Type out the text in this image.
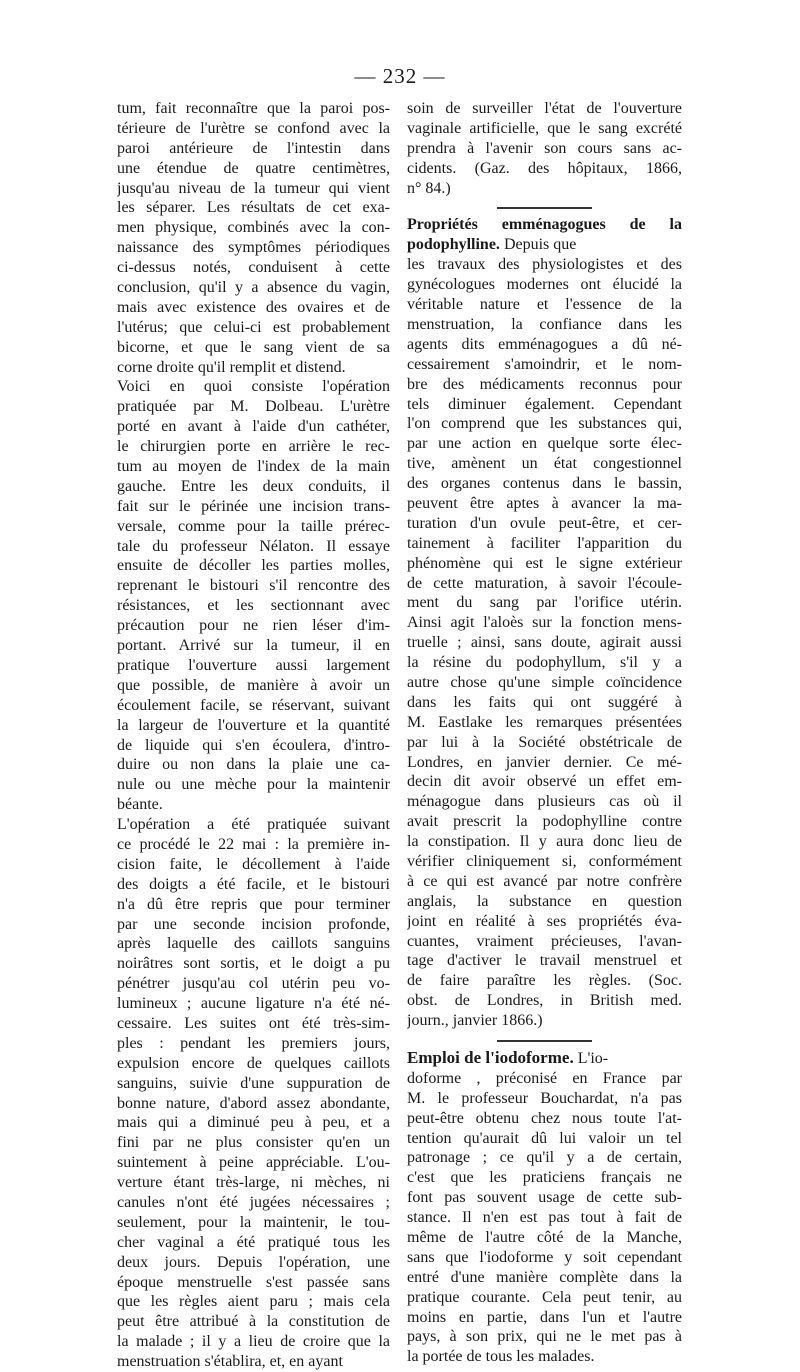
— 232 —
tum, fait reconnaître que la paroi pos-
térieure de l'urètre se confond avec la
paroi antérieure de l'intestin dans
une étendue de quatre centimètres,
jusqu'au niveau de la tumeur qui vient
les séparer. Les résultats de cet exa-
men physique, combinés avec la con-
naissance des symptômes périodiques
ci-dessus notés, conduisent à cette
conclusion, qu'il y a absence du vagin,
mais avec existence des ovaires et de
l'utérus; que celui-ci est probablement
bicorne, et que le sang vient de sa
corne droite qu'il remplit et distend.
Voici en quoi consiste l'opération
pratiquée par M. Dolbeau. L'urètre
porté en avant à l'aide d'un cathéter,
le chirurgien porte en arrière le rec-
tum au moyen de l'index de la main
gauche. Entre les deux conduits, il
fait sur le périnée une incision trans-
versale, comme pour la taille prérec-
tale du professeur Nélaton. Il essaye
ensuite de décoller les parties molles,
reprenant le bistouri s'il rencontre des
résistances, et les sectionnant avec
précaution pour ne rien léser d'im-
portant. Arrivé sur la tumeur, il en
pratique l'ouverture aussi largement
que possible, de manière à avoir un
écoulement facile, se réservant, suivant
la largeur de l'ouverture et la quantité
de liquide qui s'en écoulera, d'intro-
duire ou non dans la plaie une ca-
nule ou une mèche pour la maintenir
béante.
L'opération a été pratiquée suivant
ce procédé le 22 mai : la première in-
cision faite, le décollement à l'aide
des doigts a été facile, et le bistouri
n'a dû être repris que pour terminer
par une seconde incision profonde,
après laquelle des caillots sanguins
noirâtres sont sortis, et le doigt a pu
pénétrer jusqu'au col utérin peu vo-
lumineux ; aucune ligature n'a été né-
cessaire. Les suites ont été très-sim-
ples : pendant les premiers jours,
expulsion encore de quelques caillots
sanguins, suivie d'une suppuration de
bonne nature, d'abord assez abondante,
mais qui a diminué peu à peu, et a
fini par ne plus consister qu'en un
suintement à peine appréciable. L'ou-
verture étant très-large, ni mèches, ni
canules n'ont été jugées nécessaires ;
seulement, pour la maintenir, le tou-
cher vaginal a été pratiqué tous les
deux jours. Depuis l'opération, une
époque menstruelle s'est passée sans
que les règles aient paru ; mais cela
peut être attribué à la constitution de
la malade ; il y a lieu de croire que la
menstruation s'établira, et, en ayant
soin de surveiller l'état de l'ouverture
vaginale artificielle, que le sang excrété
prendra à l'avenir son cours sans ac-
cidents. (Gaz. des hôpitaux, 1866,
n° 84.)
Propriétés emménagogues de la podophylline. Depuis que
les travaux des physiologistes et des
gynécologues modernes ont élucidé la
véritable nature et l'essence de la
menstruation, la confiance dans les
agents dits emménagogues a dû né-
cessairement s'amoindrir, et le nom-
bre des médicaments reconnus pour
tels diminuer également. Cependant
l'on comprend que les substances qui,
par une action en quelque sorte élec-
tive, amènent un état congestionnel
des organes contenus dans le bassin,
peuvent être aptes à avancer la ma-
turation d'un ovule peut-être, et cer-
tainement à faciliter l'apparition du
phénomène qui est le signe extérieur
de cette maturation, à savoir l'écoule-
ment du sang par l'orifice utérin.
Ainsi agit l'aloès sur la fonction mens-
truelle ; ainsi, sans doute, agirait aussi
la résine du podophyllum, s'il y a
autre chose qu'une simple coïncidence
dans les faits qui ont suggéré à
M. Eastlake les remarques présentées
par lui à la Société obstétricale de
Londres, en janvier dernier. Ce mé-
decin dit avoir observé un effet em-
ménagogue dans plusieurs cas où il
avait prescrit la podophylline contre
la constipation. Il y aura donc lieu de
vérifier cliniquement si, conformément
à ce qui est avancé par notre confrère
anglais, la substance en question
joint en réalité à ses propriétés éva-
cuantes, vraiment précieuses, l'avan-
tage d'activer le travail menstruel et
de faire paraître les règles. (Soc.
obst. de Londres, in British med.
journ., janvier 1866.)
Emploi de l'iodoforme. L'io-
doforme , préconisé en France par
M. le professeur Bouchardat, n'a pas
peut-être obtenu chez nous toute l'at-
tention qu'aurait dû lui valoir un tel
patronage ; ce qu'il y a de certain,
c'est que les praticiens français ne
font pas souvent usage de cette sub-
stance. Il n'en est pas tout à fait de
même de l'autre côté de la Manche,
sans que l'iodoforme y soit cependant
entré d'une manière complète dans la
pratique courante. Cela peut tenir, au
moins en partie, dans l'un et l'autre
pays, à son prix, qui ne le met pas à
la portée de tous les malades.
